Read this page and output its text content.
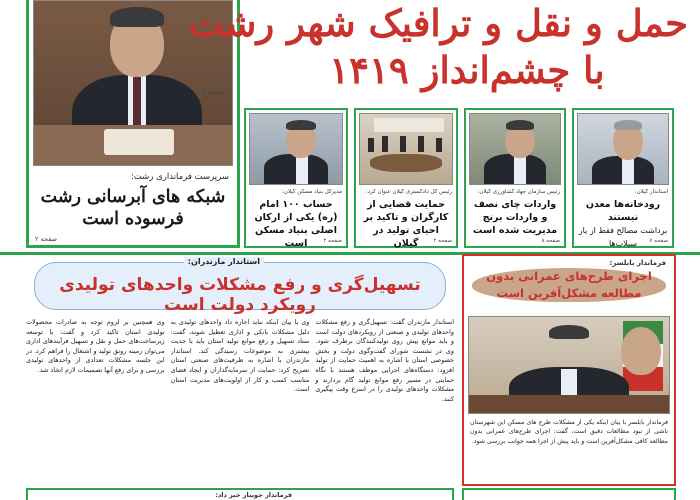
صفحه ۲
سرپرست فرمانداری رشت:
شبکه های آبرسانی رشت فرسوده است
صفحه ۲
حمل و نقل و ترافیک شهر رشت
با چشم‌انداز ۱۴۱۹
استاندار گیلان:
رودخانه‌ها معدن نیستند
برداشت مصالح فقط از یار سیلاب‌ها	صفحه ۷
رئیس سازمان جهاد کشاورزی گیلان:
واردات چای نصف و واردات برنج مدیریت شده است
صفحه ۸
رئیس کل دادگستری گیلان عنوان کرد:
حمایت قضایی از کارگران و تاکید بر احیای تولید در گیلان	صفحه ۲
مدیرکل بنیاد مسکن گیلان:
حساب ۱۰۰ امام (ره) یکی از ارکان اصلی بنیاد مسکن است	صفحه ۲
تسهیل‌گری و رفع مشکلات واحدهای تولیدی رویکرد دولت است
استاندار مازندران:
استاندار مازندران گفت: تسهیل‌گری و رفع مشکلات واحدهای تولیدی و صنعتی از رویکردهای دولت است و باید موانع پیش روی تولیدکنندگان برطرف شود. وی در نشست شورای گفت‌وگوی دولت و بخش خصوصی استان با اشاره به اهمیت حمایت از تولید افزود: دستگاه‌های اجرایی موظف هستند با نگاه حمایتی در مسیر رفع موانع تولید گام بردارند و مشکلات واحدهای تولیدی را در اسرع وقت پیگیری کنند.
وی با بیان اینکه نباید اجازه داد واحدهای تولیدی به دلیل مشکلات بانکی و اداری تعطیل شوند، گفت: ستاد تسهیل و رفع موانع تولید استان باید با جدیت بیشتری به موضوعات رسیدگی کند. استاندار مازندران با اشاره به ظرفیت‌های صنعتی استان تصریح کرد: حمایت از سرمایه‌گذاران و ایجاد فضای مناسب کسب و کار از اولویت‌های مدیریت استان است.
وی همچنین بر لزوم توجه به صادرات محصولات تولیدی استان تاکید کرد و گفت: با توسعه زیرساخت‌های حمل و نقل و تسهیل فرآیندهای اداری می‌توان زمینه رونق تولید و اشتغال را فراهم کرد. در این جلسه مشکلات تعدادی از واحدهای تولیدی بررسی و برای رفع آنها تصمیمات لازم اتخاذ شد.
فرماندار بابلسر:
اجرای طرح‌های عمرانی بدون مطالعه مشکل‌آفرین است
فرماندار بابلسر با بیان اینکه یکی از مشکلات طرح های مسکن این شهرستان ناشی از نبود مطالعات دقیق است، گفت: اجرای طرح‌های عمرانی بدون مطالعه کافی مشکل‌آفرین است و باید پیش از اجرا همه جوانب بررسی شود.
فرماندار جویبار خبر داد:
